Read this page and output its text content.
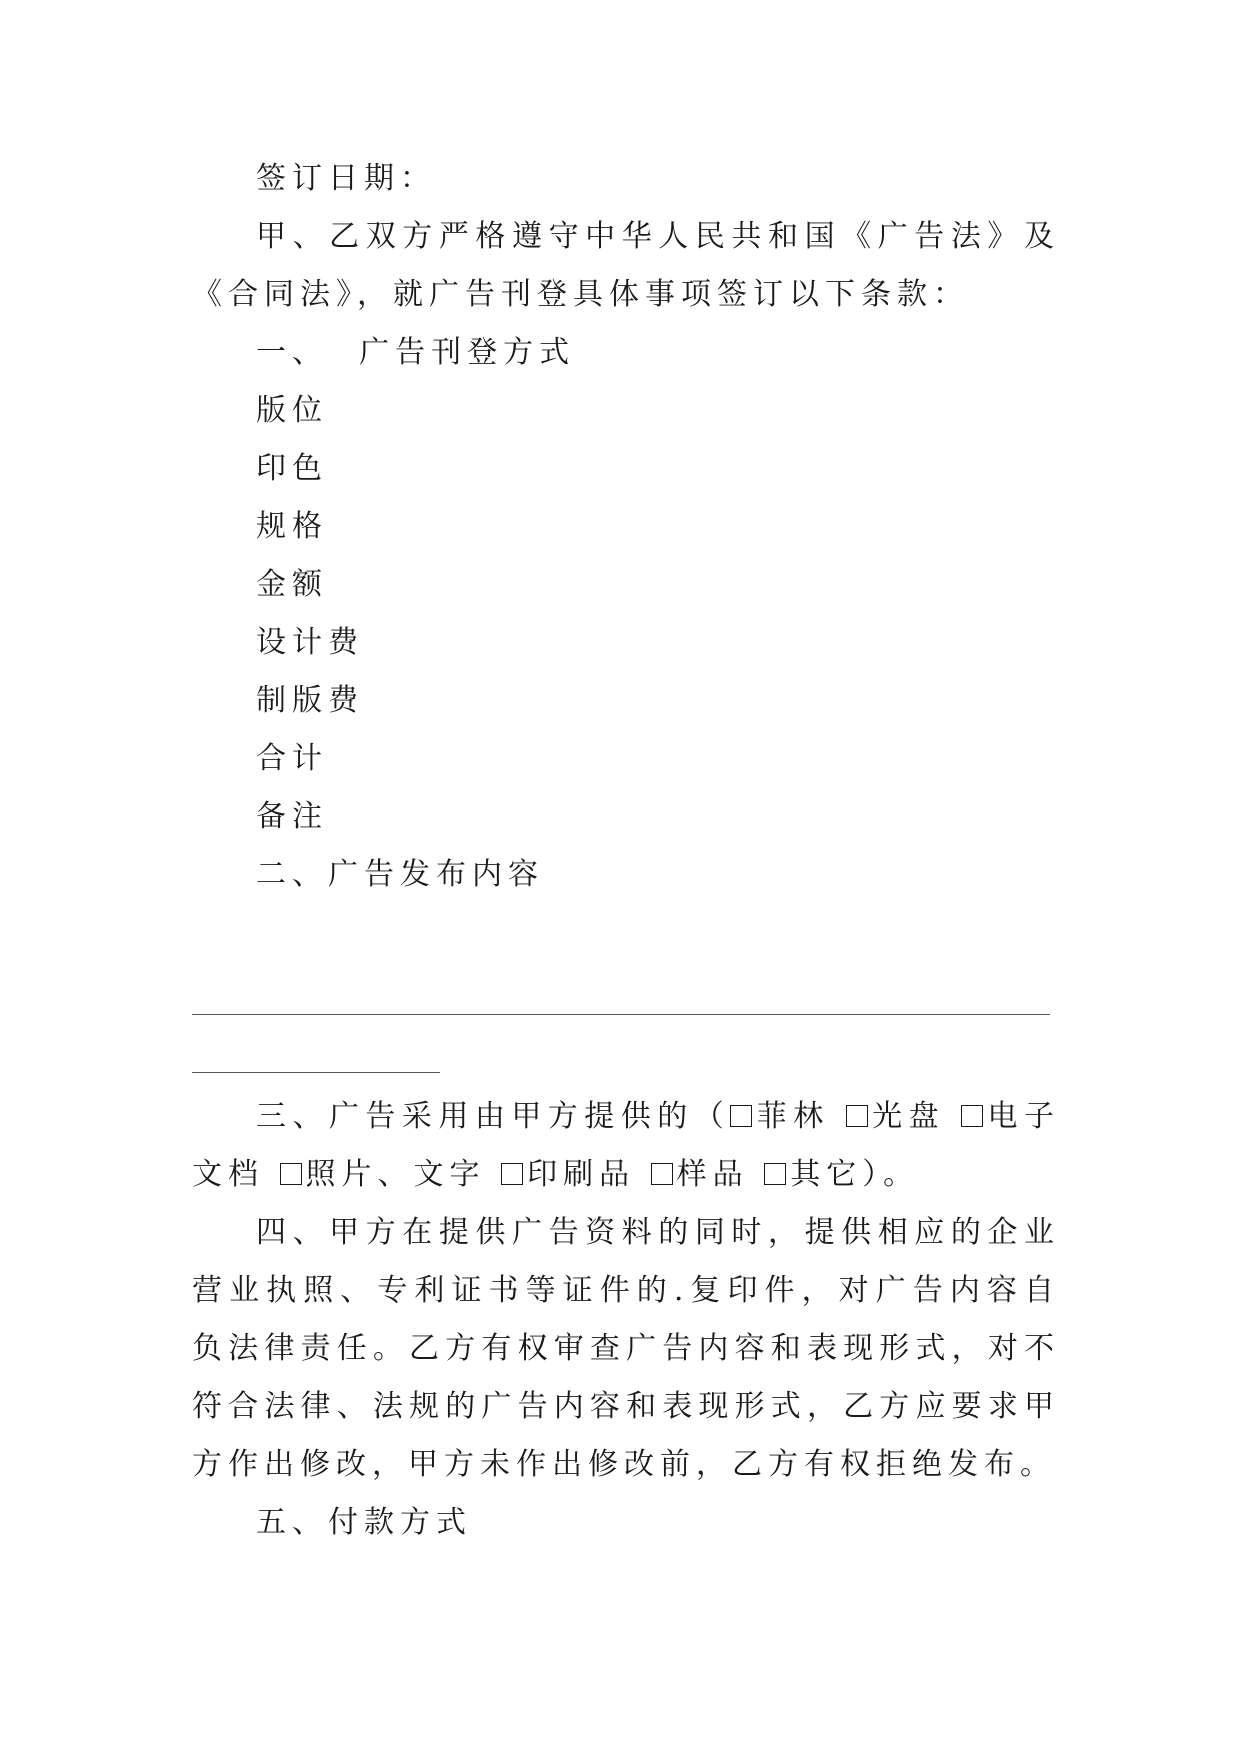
签订日期：

甲、乙双方严格遵守中华人民共和国《广告法》及《合同法》，就广告刊登具体事项签订以下条款：

一、  广告刊登方式

版位

印色

规格

金额

设计费

制版费

合计

备注

二、广告发布内容

三、广告采用由甲方提供的（ 菲林 光盘 电子文档 照片、文字 印刷品 样品 其它）。

四、甲方在提供广告资料的同时，提供相应的企业营业执照、专利证书等证件的.复印件，对广告内容自负法律责任。乙方有权审查广告内容和表现形式，对不符合法律、法规的广告内容和表现形式，乙方应要求甲方作出修改，甲方未作出修改前，乙方有权拒绝发布。

五、付款方式
